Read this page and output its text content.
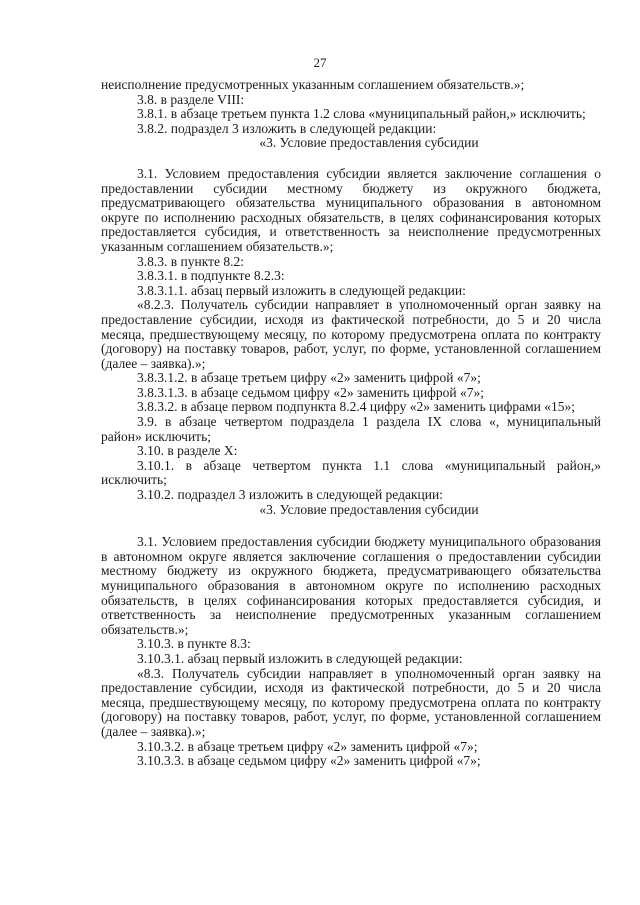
27

неисполнение предусмотренных указанным соглашением обязательств.»;

3.8. в разделе VIII:

3.8.1. в абзаце третьем пункта 1.2 слова «муниципальный район,» исключить;

3.8.2. подраздел 3 изложить в следующей редакции:

«3. Условие предоставления субсидии

3.1. Условием предоставления субсидии является заключение соглашения о предоставлении субсидии местному бюджету из окружного бюджета, предусматривающего обязательства муниципального образования в автономном округе по исполнению расходных обязательств, в целях софинансирования которых предоставляется субсидия, и ответственность за неисполнение предусмотренных указанным соглашением обязательств.»;

3.8.3. в пункте 8.2:

3.8.3.1. в подпункте 8.2.3:

3.8.3.1.1. абзац первый изложить в следующей редакции:

«8.2.3. Получатель субсидии направляет в уполномоченный орган заявку на предоставление субсидии, исходя из фактической потребности, до 5 и 20 числа месяца, предшествующему месяцу, по которому предусмотрена оплата по контракту (договору) на поставку товаров, работ, услуг, по форме, установленной соглашением (далее – заявка).»;

3.8.3.1.2. в абзаце третьем цифру «2» заменить цифрой «7»;

3.8.3.1.3. в абзаце седьмом цифру «2» заменить цифрой «7»;

3.8.3.2. в абзаце первом подпункта 8.2.4 цифру «2» заменить цифрами «15»;

3.9. в абзаце четвертом подраздела 1 раздела IX слова «, муниципальный район» исключить;

3.10. в разделе X:

3.10.1. в абзаце четвертом пункта 1.1 слова «муниципальный район,» исключить;

3.10.2. подраздел 3 изложить в следующей редакции:

«3. Условие предоставления субсидии

3.1. Условием предоставления субсидии бюджету муниципального образования в автономном округе является заключение соглашения о предоставлении субсидии местному бюджету из окружного бюджета, предусматривающего обязательства муниципального образования в автономном округе по исполнению расходных обязательств, в целях софинансирования которых предоставляется субсидия, и ответственность за неисполнение предусмотренных указанным соглашением обязательств.»;

3.10.3. в пункте 8.3:

3.10.3.1. абзац первый изложить в следующей редакции:

«8.3. Получатель субсидии направляет в уполномоченный орган заявку на предоставление субсидии, исходя из фактической потребности, до 5 и 20 числа месяца, предшествующему месяцу, по которому предусмотрена оплата по контракту (договору) на поставку товаров, работ, услуг, по форме, установленной соглашением (далее – заявка).»;

3.10.3.2. в абзаце третьем цифру «2» заменить цифрой «7»;

3.10.3.3. в абзаце седьмом цифру «2» заменить цифрой «7»;
